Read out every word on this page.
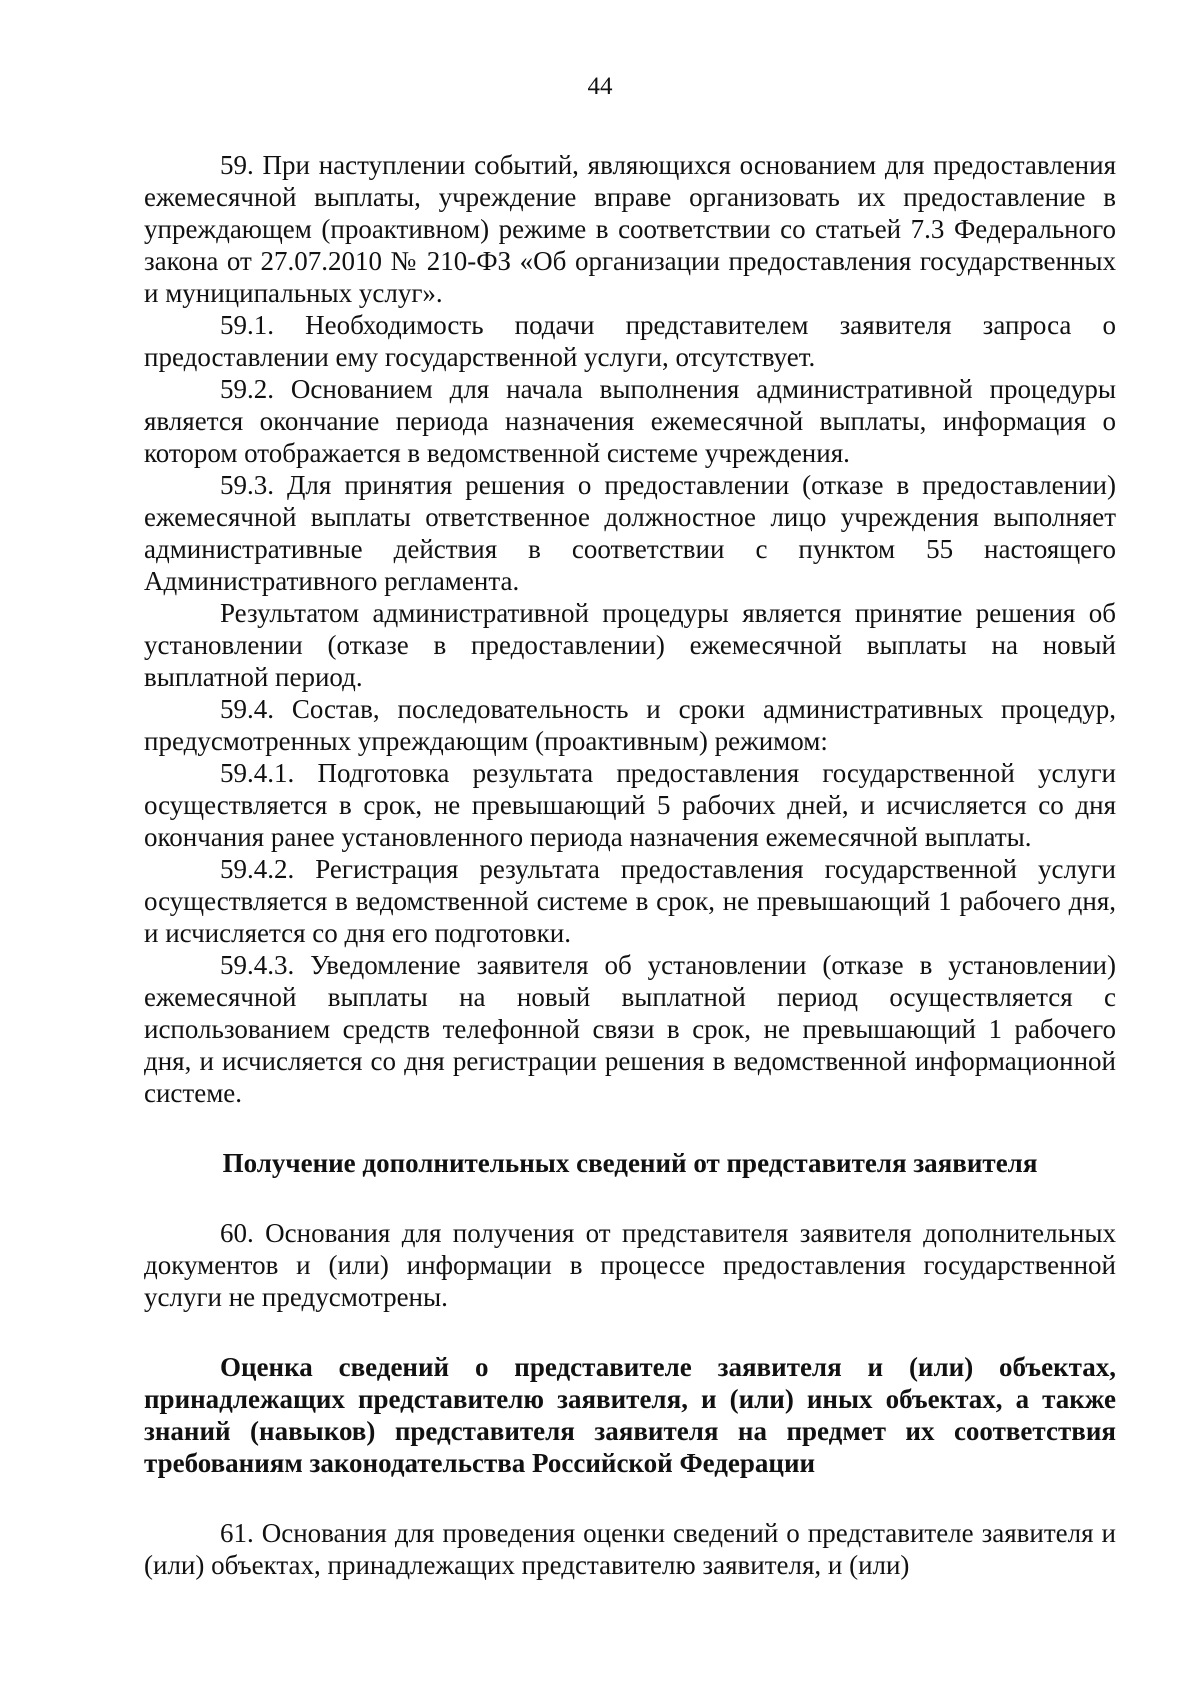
44

59. При наступлении событий, являющихся основанием для предоставления ежемесячной выплаты, учреждение вправе организовать их предоставление в упреждающем (проактивном) режиме в соответствии со статьей 7.3 Федерального закона от 27.07.2010 № 210-ФЗ «Об организации предоставления государственных и муниципальных услуг».

59.1. Необходимость подачи представителем заявителя запроса о предоставлении ему государственной услуги, отсутствует.

59.2. Основанием для начала выполнения административной процедуры является окончание периода назначения ежемесячной выплаты, информация о котором отображается в ведомственной системе учреждения.

59.3. Для принятия решения о предоставлении (отказе в предоставлении) ежемесячной выплаты ответственное должностное лицо учреждения выполняет административные действия в соответствии с пунктом 55 настоящего Административного регламента.

Результатом административной процедуры является принятие решения об установлении (отказе в предоставлении) ежемесячной выплаты на новый выплатной период.

59.4. Состав, последовательность и сроки административных процедур, предусмотренных упреждающим (проактивным) режимом:

59.4.1. Подготовка результата предоставления государственной услуги осуществляется в срок, не превышающий 5 рабочих дней, и исчисляется со дня окончания ранее установленного периода назначения ежемесячной выплаты.

59.4.2. Регистрация результата предоставления государственной услуги осуществляется в ведомственной системе в срок, не превышающий 1 рабочего дня, и исчисляется со дня его подготовки.

59.4.3. Уведомление заявителя об установлении (отказе в установлении) ежемесячной выплаты на новый выплатной период осуществляется с использованием средств телефонной связи в срок, не превышающий 1 рабочего дня, и исчисляется со дня регистрации решения в ведомственной информационной системе.

Получение дополнительных сведений от представителя заявителя

60. Основания для получения от представителя заявителя дополнительных документов и (или) информации в процессе предоставления государственной услуги не предусмотрены.

Оценка сведений о представителе заявителя и (или) объектах, принадлежащих представителю заявителя, и (или) иных объектах, а также знаний (навыков) представителя заявителя на предмет их соответствия требованиям законодательства Российской Федерации

61. Основания для проведения оценки сведений о представителе заявителя и (или) объектах, принадлежащих представителю заявителя, и (или)
